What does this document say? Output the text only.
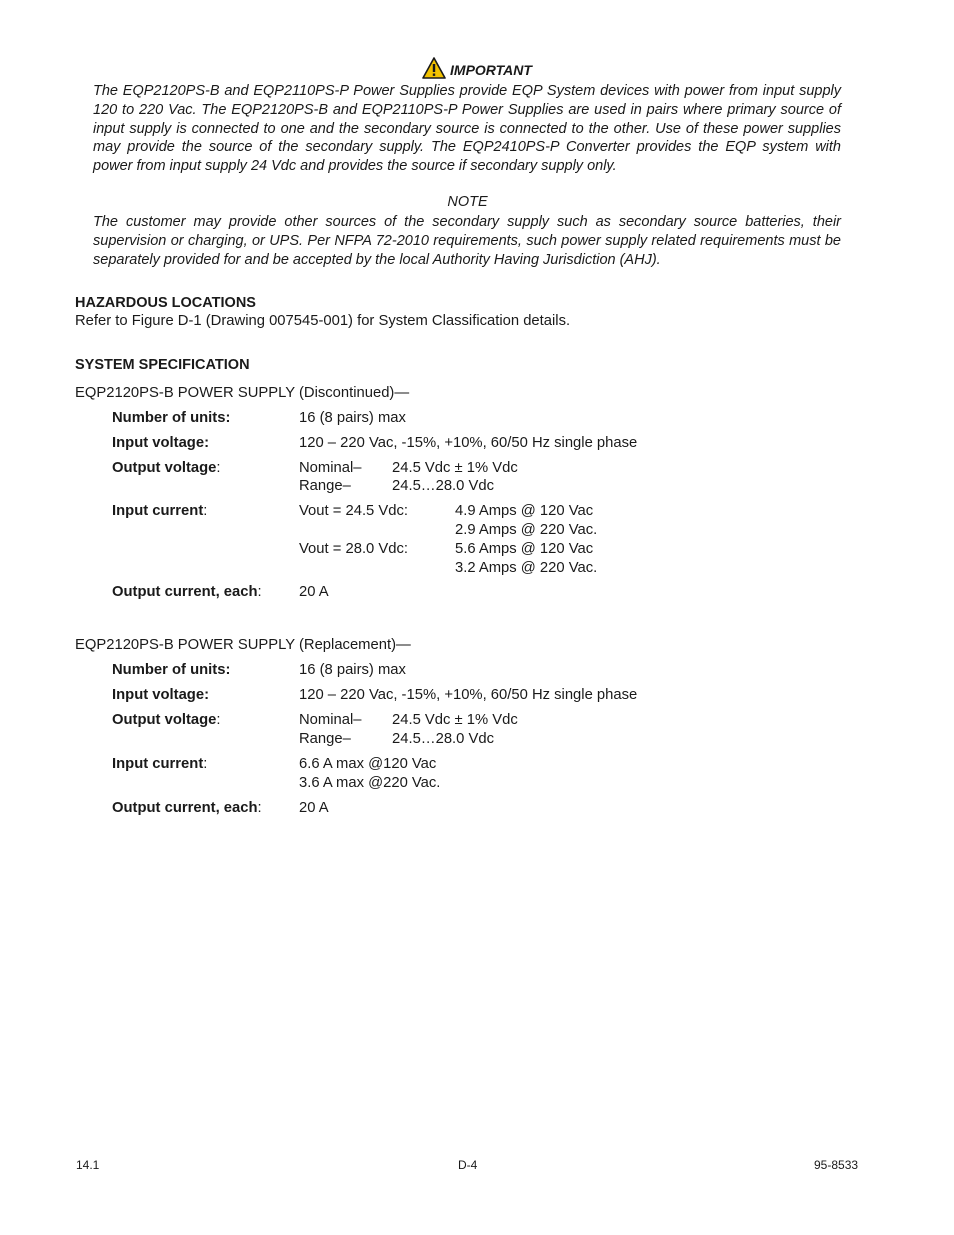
IMPORTANT

The EQP2120PS-B and EQP2110PS-P Power Supplies provide EQP System devices with power from input supply 120 to 220 Vac. The EQP2120PS-B and EQP2110PS-P Power Supplies are used in pairs where primary source of input supply is connected to one and the secondary source is connected to the other. Use of these power supplies may provide the source of the secondary supply. The EQP2410PS-P Converter provides the EQP system with power from input supply 24 Vdc and provides the source if secondary supply only.

NOTE

The customer may provide other sources of the secondary supply such as secondary source batteries, their supervision or charging, or UPS. Per NFPA 72-2010 requirements, such power supply related requirements must be separately provided for and be accepted by the local Authority Having Jurisdiction (AHJ).

HAZARDOUS LOCATIONS
Refer to Figure D-1 (Drawing 007545-001) for System Classification details.
SYSTEM SPECIFICATION
EQP2120PS-B POWER SUPPLY (Discontinued)—
Number of units:	16 (8 pairs) max
Input voltage:	120 – 220 Vac, -15%, +10%, 60/50 Hz single phase
Output voltage:	Nominal– 24.5 Vdc ± 1% Vdc
Range–	24.5…28.0 Vdc
Input current:	Vout = 24.5 Vdc:	4.9 Amps @ 120 Vac
2.9 Amps @ 220 Vac.
Vout = 28.0 Vdc:	5.6 Amps @ 120 Vac
3.2 Amps @ 220 Vac.
Output current, each:	20 A
EQP2120PS-B POWER SUPPLY (Replacement)—
Number of units:	16 (8 pairs) max
Input voltage:	120 – 220 Vac, -15%, +10%, 60/50 Hz single phase
Output voltage:	Nominal– 24.5 Vdc ± 1% Vdc
Range–	24.5…28.0 Vdc
Input current:	6.6 A max @120 Vac
3.6 A max @220 Vac.
Output current, each:	20 A
14.1	D-4	95-8533
